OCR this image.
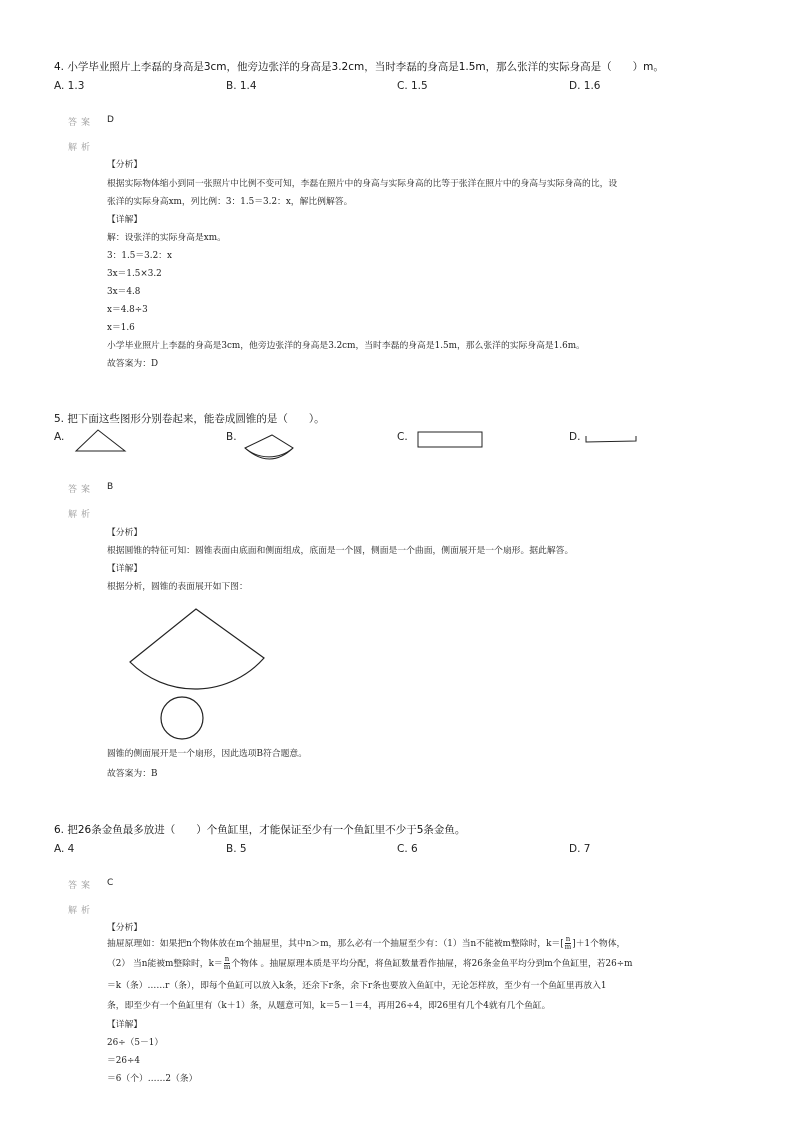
4. 小学毕业照片上李磊的身高是3cm，他旁边张洋的身高是3.2cm，当时李磊的身高是1.5m，那么张洋的实际身高是（　　）m。
A. 1.3	B. 1.4	C. 1.5	D. 1.6
答案 D
解析
【分析】
根据实际物体缩小到同一张照片中比例不变可知，李磊在照片中的身高与实际身高的比等于张洋在照片中的身高与实际身高的比，设
张洋的实际身高xm，列比例：3：1.5＝3.2：x，解比例解答。
【详解】
解：设张洋的实际身高是xm。
3：1.5＝3.2：x
3x＝1.5×3.2
3x＝4.8
x＝4.8÷3
x＝1.6
小学毕业照片上李磊的身高是3cm，他旁边张洋的身高是3.2cm，当时李磊的身高是1.5m，那么张洋的实际身高是1.6m。
故答案为：D
5. 把下面这些图形分别卷起来，能卷成圆锥的是（　　）。
A.	B.	C.	D.
答案 B
解析
【分析】
根据圆锥的特征可知：圆锥表面由底面和侧面组成，底面是一个圆，侧面是一个曲面，侧面展开是一个扇形。据此解答。
【详解】
根据分析，圆锥的表面展开如下图：
圆锥的侧面展开是一个扇形，因此选项B符合题意。
故答案为：B
6. 把26条金鱼最多放进（　　）个鱼缸里，才能保证至少有一个鱼缸里不少于5条金鱼。
A. 4	B. 5	C. 6	D. 7
答案 C
解析
【分析】
抽屉原理如：如果把n个物体放在m个抽屉里，其中n＞m，那么必有一个抽屉至少有：（1）当n不能被m整除时，$k=[ \frac{n}{m} ]+1$个物体，
（2） 当n能被m整除时，$k= \frac{n}{m}$ 个物体 。抽屉原理本质是平均分配，将鱼缸数量看作抽屉，将26条金鱼平均分到m个鱼缸里，若26÷m
＝k（条）……r（条），即每个鱼缸可以放入k条，还余下r条，余下r条也要放入鱼缸中，无论怎样放，至少有一个鱼缸里再放入1
条，即至少有一个鱼缸里有（k＋1）条，从题意可知，k＝5－1＝4，再用26÷4，即26里有几个4就有几个鱼缸。
【详解】
26÷（5－1）
＝26÷4
＝6（个）……2（条）
